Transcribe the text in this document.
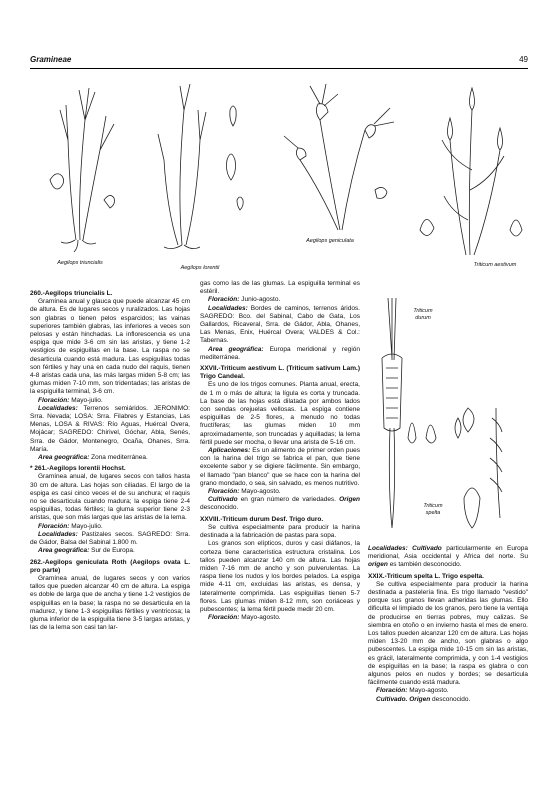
Gramineae	49
Aegilops triuncialis
Aegilops lorentii
Aegilops geniculata
Triticum aestivum

260.-Aegilops triuncialis L.

Gramínea anual y glauca que puede alcanzar 45 cm de altura. Es de lugares secos y ruralizados. Las hojas son glabras o tienen pelos esparcidos; las vainas superiores también glabras, las inferiores a veces son pelosas y están hinchadas. La inflorescencia es una espiga que mide 3-6 cm sin las aristas, y tiene 1-2 vestigios de espiguillas en la base. La raspa no se desarticula cuando está madura. Las espiguillas todas son fértiles y hay una en cada nudo del raquis, tienen 4-8 aristas cada una, las más largas miden 5-8 cm; las glumas miden 7-10 mm, son tridentadas; las aristas de la espiguilla terminal, 3-6 cm.

Floración: Mayo-julio.

Localidades: Terrenos semiáridos. JERONIMO: Srra. Nevada; LOSA: Srra. Filabres y Estancias, Las Menas, LOSA & RIVAS: Río Aguas, Huércal Overa, Mojácar; SAGREDO: Chirivel, Góchar, Abla, Senés, Srra. de Gádor, Montenegro, Ocaña, Ohanes, Srra. María.

Area geográfica: Zona mediterránea.

* 261.-Aegilops lorentii Hochst.

Gramínea anual, de lugares secos con tallos hasta 30 cm de altura. Las hojas son ciliadas. El largo de la espiga es casi cinco veces el de su anchura; el raquis no se desarticula cuando madura; la espiga tiene 2-4 espiguillas, todas fértiles; la gluma superior tiene 2-3 aristas, que son más largas que las aristas de la lema.

Floración: Mayo-julio.

Localidades: Pastizales secos. SAGREDO: Srra. de Gádor, Balsa del Sabinal 1.800 m.

Area geográfica: Sur de Europa.

262.-Aegilops geniculata Roth (Aegilops ovata L. pro parte)

Gramínea anual, de lugares secos y con varios tallos que pueden alcanzar 40 cm de altura. La espiga es doble de larga que de ancha y tiene 1-2 vestigios de espiguillas en la base; la raspa no se desarticula en la madurez, y tiene 1-3 espiguillas fértiles y ventricosa; la gluma inferior de la espiguilla tiene 3-5 largas aristas, y las de la lema son casi tan lar-

gas como las de las glumas. La espiguilla terminal es estéril.

Floración: Junio-agosto.

Localidades: Bordes de caminos, terrenos áridos. SAGREDO: Bco. del Sabinal, Cabo de Gata, Los Gallardos, Ricaveral, Srra. de Gádor, Abla, Ohanes, Las Menas, Enix, Huércal Overa; VALDES & Col.: Tabernas.

Area geográfica: Europa meridional y región mediterránea.

XXVII.-Triticum aestivum L. (Triticum sativum Lam.) Trigo Candeal.

Es uno de los trigos comunes. Planta anual, erecta, de 1 m o más de altura; la lígula es corta y truncada. La base de las hojas está dilatada por ambos lados con sendas orejuelas vellosas. La espiga contiene espiguillas de 2-5 flores, a menudo no todas fructíferas; las glumas miden 10 mm aproximadamente, son truncadas y aquilladas; la lema fértil puede ser mocha, o llevar una arista de 5-16 cm.

Aplicaciones: Es un alimento de primer orden pues con la harina del trigo se fabrica el pan, que tiene excelente sabor y se digiere fácilmente. Sin embargo, el llamado "pan blanco" que se hace con la harina del grano mondado, o sea, sin salvado, es menos nutritivo.

Floración: Mayo-agosto.

Cultivado en gran número de variedades. Origen desconocido.

XXVIII.-Triticum durum Desf. Trigo duro.

Se cultiva especialmente para producir la harina destinada a la fabricación de pastas para sopa.

Los granos son elípticos, duros y casi diáfanos, la corteza tiene característica estructura cristalina. Los tallos pueden alcanzar 140 cm de altura. Las hojas miden 7-16 mm de ancho y son pulverulentas. La raspa tiene los nudos y los bordes pelados. La espiga mide 4-11 cm, excluidas las aristas, es densa, y lateralmente comprimida. Las espiguillas tienen 5-7 flores. Las glumas miden 8-12 mm, son coriáceas y pubescentes; la lema fértil puede medir 20 cm.

Floración: Mayo-agosto.

Triticum durum
Triticum spelta

Localidades: Cultivado particularmente en Europa meridional, Asia occidental y Africa del norte. Su origen es también desconocido.

XXIX.-Triticum spelta L. Trigo espelta.

Se cultiva especialmente para producir la harina destinada a pastelería fina. Es trigo llamado "vestido" porque sus granos llevan adheridas las glumas. Ello dificulta el limpiado de los granos, pero tiene la ventaja de producirse en tierras pobres, muy calizas. Se siembra en otoño o en invierno hasta el mes de enero. Los tallos pueden alcanzar 120 cm de altura. Las hojas miden 13-20 mm de ancho, son glabras o algo pubescentes. La espiga mide 10-15 cm sin las aristas, es grácil, lateralmente comprimida, y con 1-4 vestigios de espiguillas en la base; la raspa es glabra o con algunos pelos en nudos y bordes; se desarticula fácilmente cuando está madura.

Floración: Mayo-agosto.

Cultivado. Origen desconocido.
